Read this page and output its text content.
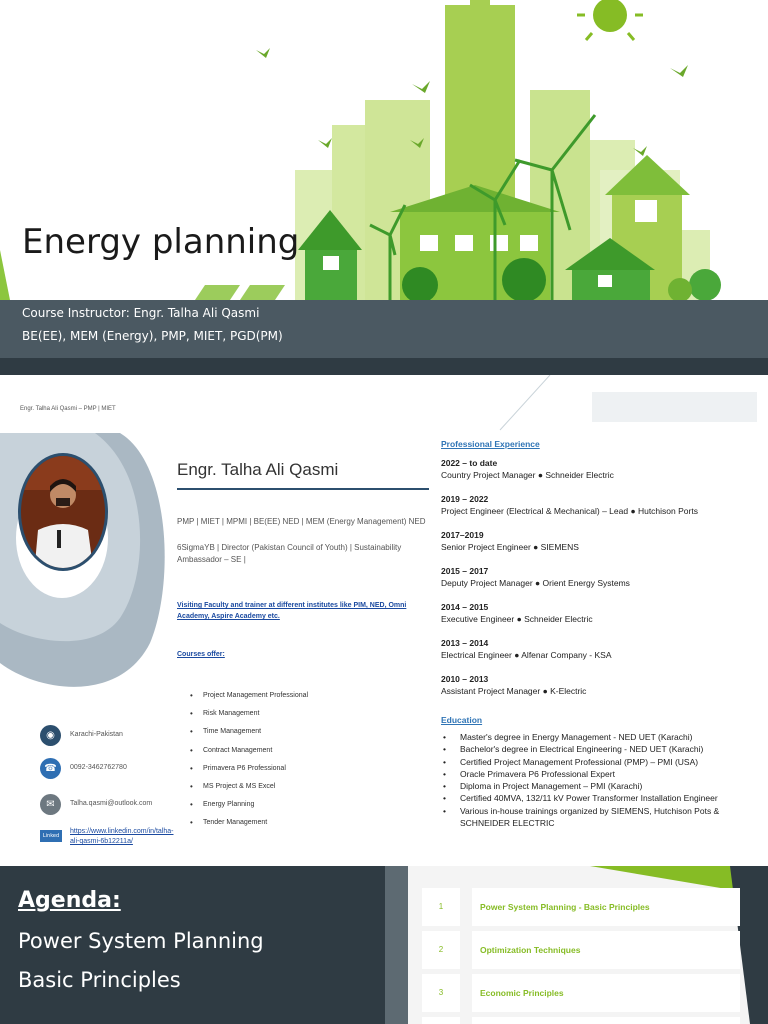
Energy planning
Course Instructor: Engr. Talha Ali Qasmi
BE(EE), MEM (Energy), PMP, MIET, PGD(PM)
Engr. Talha Ali Qasmi – PMP | MIET
Engr. Talha Ali Qasmi
PMP | MIET | MPMI | BE(EE) NED | MEM (Energy Management) NED
6SigmaYB | Director (Pakistan Council of Youth) | Sustainability Ambassador – SE |
Visiting Faculty and trainer at different institutes like PIM, NED, Omni Academy, Aspire Academy etc.
Courses offer:
• Project Management Professional
• Risk Management
• Time Management
• Contract Management
• Primavera P6 Professional
• MS Project & MS Excel
• Energy Planning
• Tender Management
◉	Karachi-Pakistan
☎	0092-3462762780
✉	Talha.qasmi@outlook.com
Linked in
https://www.linkedin.com/in/talha-ali-qasmi-6b12211a/
Professional Experience
2022 – to date
Country Project Manager ● Schneider Electric
2019 – 2022
Project Engineer (Electrical & Mechanical) – Lead ● Hutchison Ports
2017–2019
Senior Project Engineer ● SIEMENS
2015 – 2017
Deputy Project Manager ● Orient Energy Systems
2014 – 2015
Executive Engineer ● Schneider Electric
2013 – 2014
Electrical Engineer ● Alfenar Company - KSA
2010 – 2013
Assistant Project Manager ● K-Electric
Education
• Master's degree in Energy Management - NED UET (Karachi)
• Bachelor's degree in Electrical Engineering - NED UET (Karachi)
• Certified Project Management Professional (PMP) – PMI (USA)
• Oracle Primavera P6 Professional Expert
• Diploma in Project Management – PMI (Karachi)
• Certified 40MVA, 132/11 kV Power Transformer Installation Engineer
• Various in-house trainings organized by SIEMENS, Hutchison Pots & SCHNEIDER ELECTRIC
Agenda:
Power System Planning
Basic Principles
1	Power System Planning - Basic Principles
2	Optimization Techniques
3	Economic Principles
